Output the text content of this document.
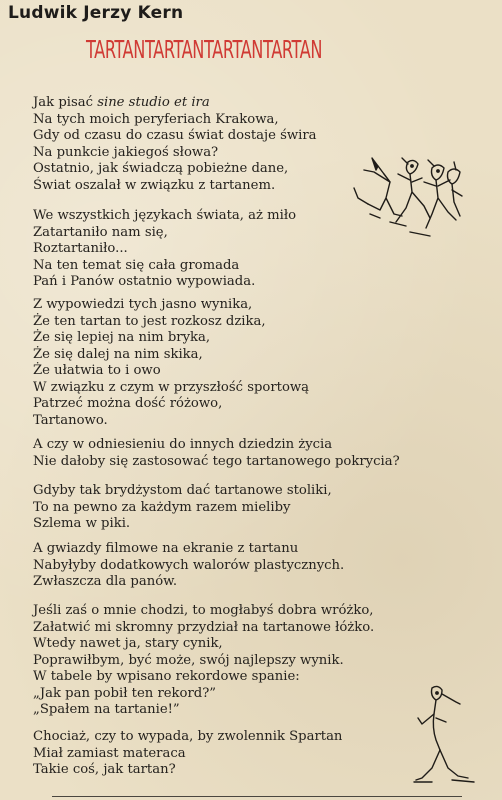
Ludwik Jerzy Kern
TARTANTARTANTARTANTARTAN
Jak pisać sine studio et ira
Na tych moich peryferiach Krakowa,
Gdy od czasu do czasu świat dostaje świra
Na punkcie jakiegoś słowa?
Ostatnio, jak świadczą pobieżne dane,
Świat oszalał w związku z tartanem.
We wszystkich językach świata, aż miło
Zatartaniło nam się,
Roztartaniło...
Na ten temat się cała gromada
Pań i Panów ostatnio wypowiada.
Z wypowiedzi tych jasno wynika,
Że ten tartan to jest rozkosz dzika,
Że się lepiej na nim bryka,
Że się dalej na nim skika,
Że ułatwia to i owo
W związku z czym w przyszłość sportową
Patrzeć można dość różowo,
Tartanowo.
A czy w odniesieniu do innych dziedzin życia
Nie dałoby się zastosować tego tartanowego pokrycia?
Gdyby tak brydżystom dać tartanowe stoliki,
To na pewno za każdym razem mieliby
Szlema w piki.
A gwiazdy filmowe na ekranie z tartanu
Nabyłyby dodatkowych walorów plastycznych.
Zwłaszcza dla panów.
Jeśli zaś o mnie chodzi, to mogłabyś dobra wróżko,
Załatwić mi skromny przydział na tartanowe łóżko.
Wtedy nawet ja, stary cynik,
Poprawiłbym, być może, swój najlepszy wynik.
W tabele by wpisano rekordowe spanie:
„Jak pan pobił ten rekord?”
„Spałem na tartanie!”
Chociaż, czy to wypada, by zwolennik Spartan
Miał zamiast materaca
Takie coś, jak tartan?
